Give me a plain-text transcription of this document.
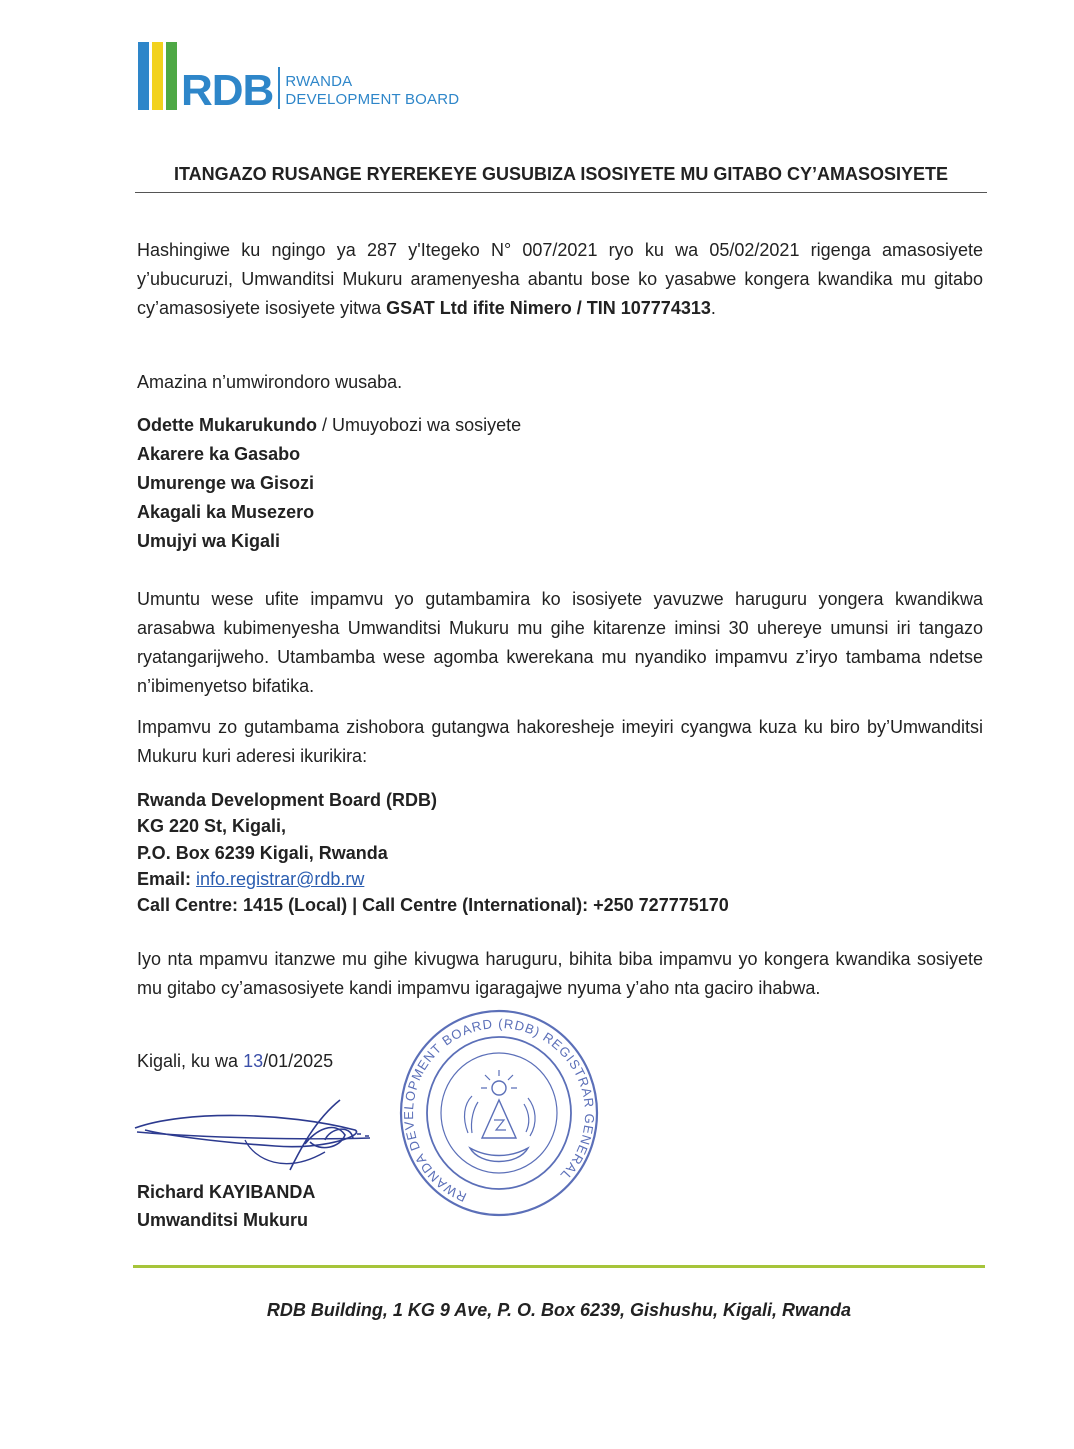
RDB RWANDA
DEVELOPMENT BOARD
ITANGAZO RUSANGE RYEREKEYE GUSUBIZA ISOSIYETE MU GITABO CY’AMASOSIYETE
Hashingiwe ku ngingo ya 287 y'Itegeko N° 007/2021 ryo ku wa 05/02/2021 rigenga amasosiyete y’ubucuruzi, Umwanditsi Mukuru aramenyesha abantu bose ko yasabwe kongera kwandika mu gitabo cy’amasosiyete isosiyete yitwa GSAT Ltd ifite Nimero / TIN 107774313.
Amazina n’umwirondoro wusaba.
Odette Mukarukundo / Umuyobozi wa sosiyete
Akarere ka Gasabo
Umurenge wa Gisozi
Akagali ka Musezero
Umujyi wa Kigali
Umuntu wese ufite impamvu yo gutambamira ko isosiyete yavuzwe haruguru yongera kwandikwa arasabwa kubimenyesha Umwanditsi Mukuru mu gihe kitarenze iminsi 30 uhereye umunsi iri tangazo ryatangarijweho. Utambamba wese agomba kwerekana mu nyandiko impamvu z’iryo tambama ndetse n’ibimenyetso bifatika.
Impamvu zo gutambama zishobora gutangwa hakoresheje imeyiri cyangwa kuza ku biro by’Umwanditsi Mukuru kuri aderesi ikurikira:
Rwanda Development Board (RDB)
KG 220 St, Kigali,
P.O. Box 6239 Kigali, Rwanda
Email: info.registrar@rdb.rw
Call Centre: 1415 (Local) | Call Centre (International): +250 727775170
Iyo nta mpamvu itanzwe mu gihe kivugwa haruguru, bihita biba impamvu yo kongera kwandika sosiyete mu gitabo cy’amasosiyete kandi impamvu igaragajwe nyuma y’aho nta gaciro ihabwa.
Kigali, ku wa 13/01/2025
Richard KAYIBANDA
Umwanditsi Mukuru
RWANDA DEVELOPMENT BOARD (RDB) REGISTRAR GENERAL
RDB Building, 1 KG 9 Ave, P. O. Box 6239, Gishushu, Kigali, Rwanda
